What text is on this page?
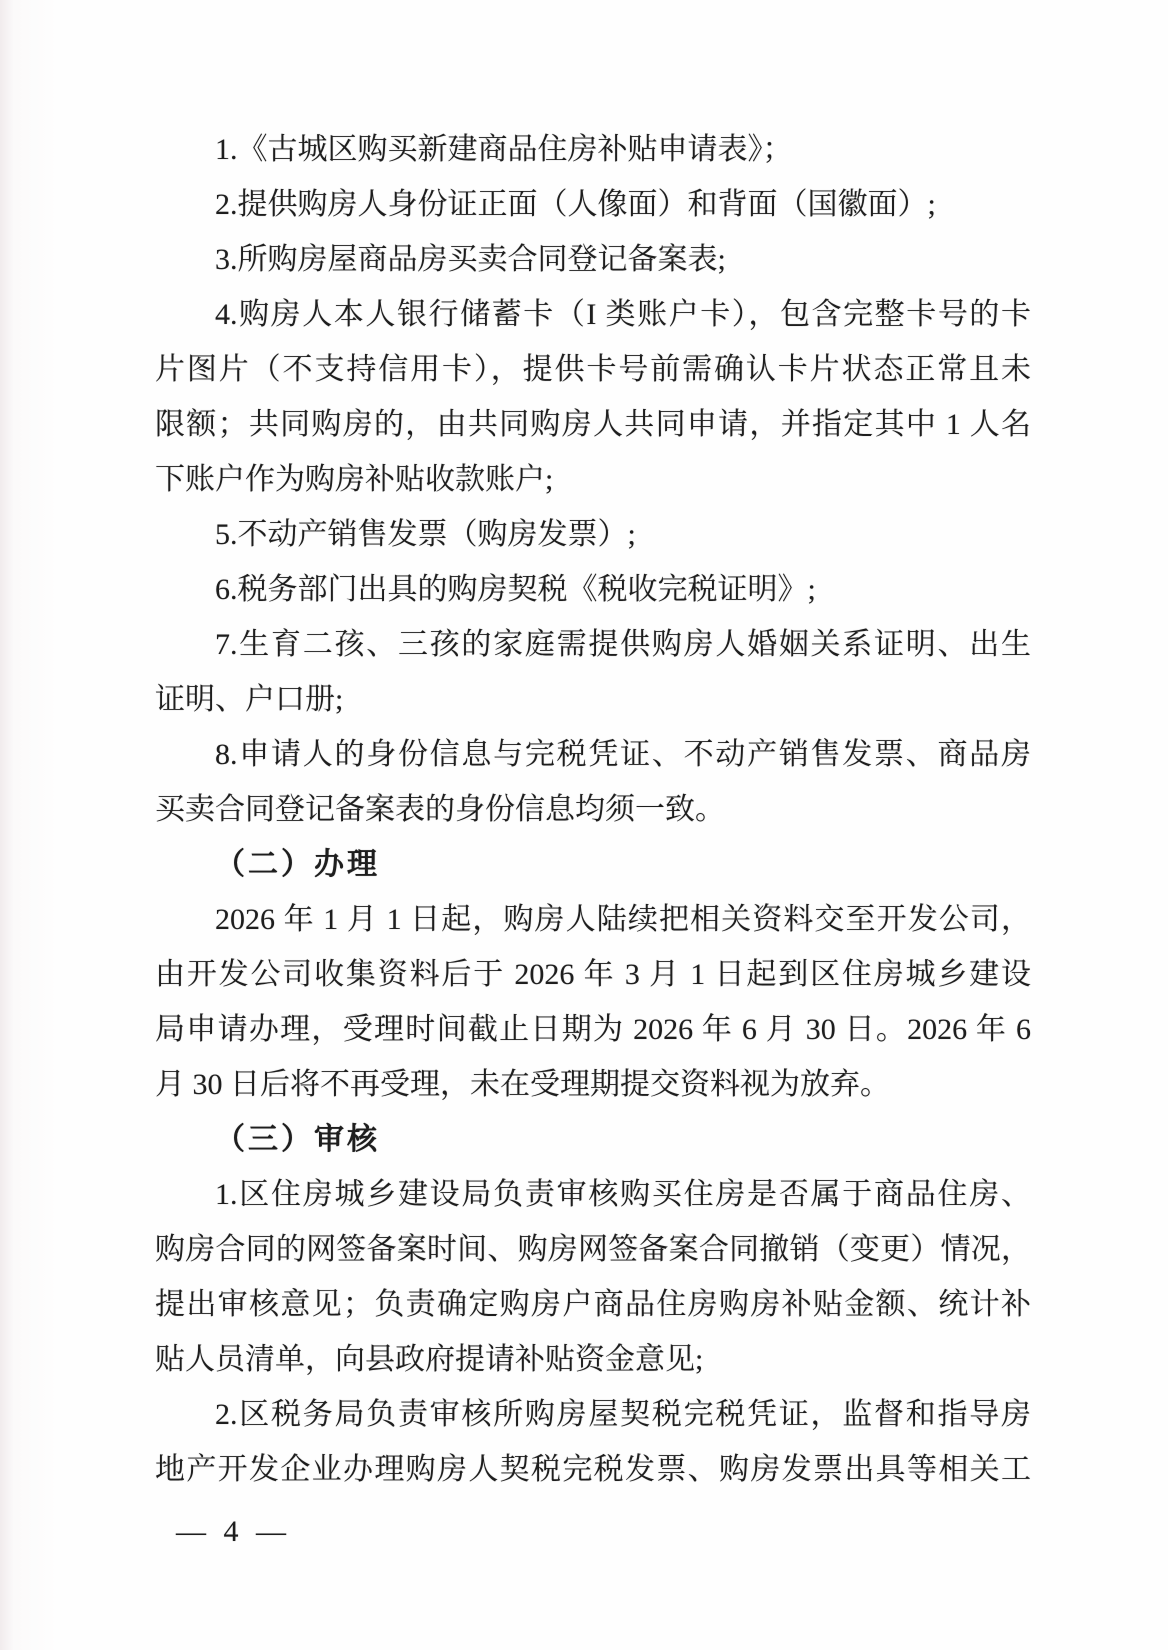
1.《古城区购买新建商品住房补贴申请表》；
2.提供购房人身份证正面（人像面）和背面（国徽面）;
3.所购房屋商品房买卖合同登记备案表;
4.购房人本人银行储蓄卡（I 类账户卡），包含完整卡号的卡
片图片（不支持信用卡），提供卡号前需确认卡片状态正常且未
限额；共同购房的，由共同购房人共同申请，并指定其中 1 人名
下账户作为购房补贴收款账户;
5.不动产销售发票（购房发票）;
6.税务部门出具的购房契税《税收完税证明》;
7.生育二孩、三孩的家庭需提供购房人婚姻关系证明、出生
证明、户口册;
8.申请人的身份信息与完税凭证、不动产销售发票、商品房
买卖合同登记备案表的身份信息均须一致。
（二）办理
2026 年 1 月 1 日起，购房人陆续把相关资料交至开发公司，
由开发公司收集资料后于 2026 年 3 月 1 日起到区住房城乡建设
局申请办理，受理时间截止日期为 2026 年 6 月 30 日。2026 年 6
月 30 日后将不再受理，未在受理期提交资料视为放弃。
（三）审核
1.区住房城乡建设局负责审核购买住房是否属于商品住房、
购房合同的网签备案时间、购房网签备案合同撤销（变更）情况，
提出审核意见；负责确定购房户商品住房购房补贴金额、统计补
贴人员清单，向县政府提请补贴资金意见;
2.区税务局负责审核所购房屋契税完税凭证，监督和指导房
地产开发企业办理购房人契税完税发票、购房发票出具等相关工
— 4 —
